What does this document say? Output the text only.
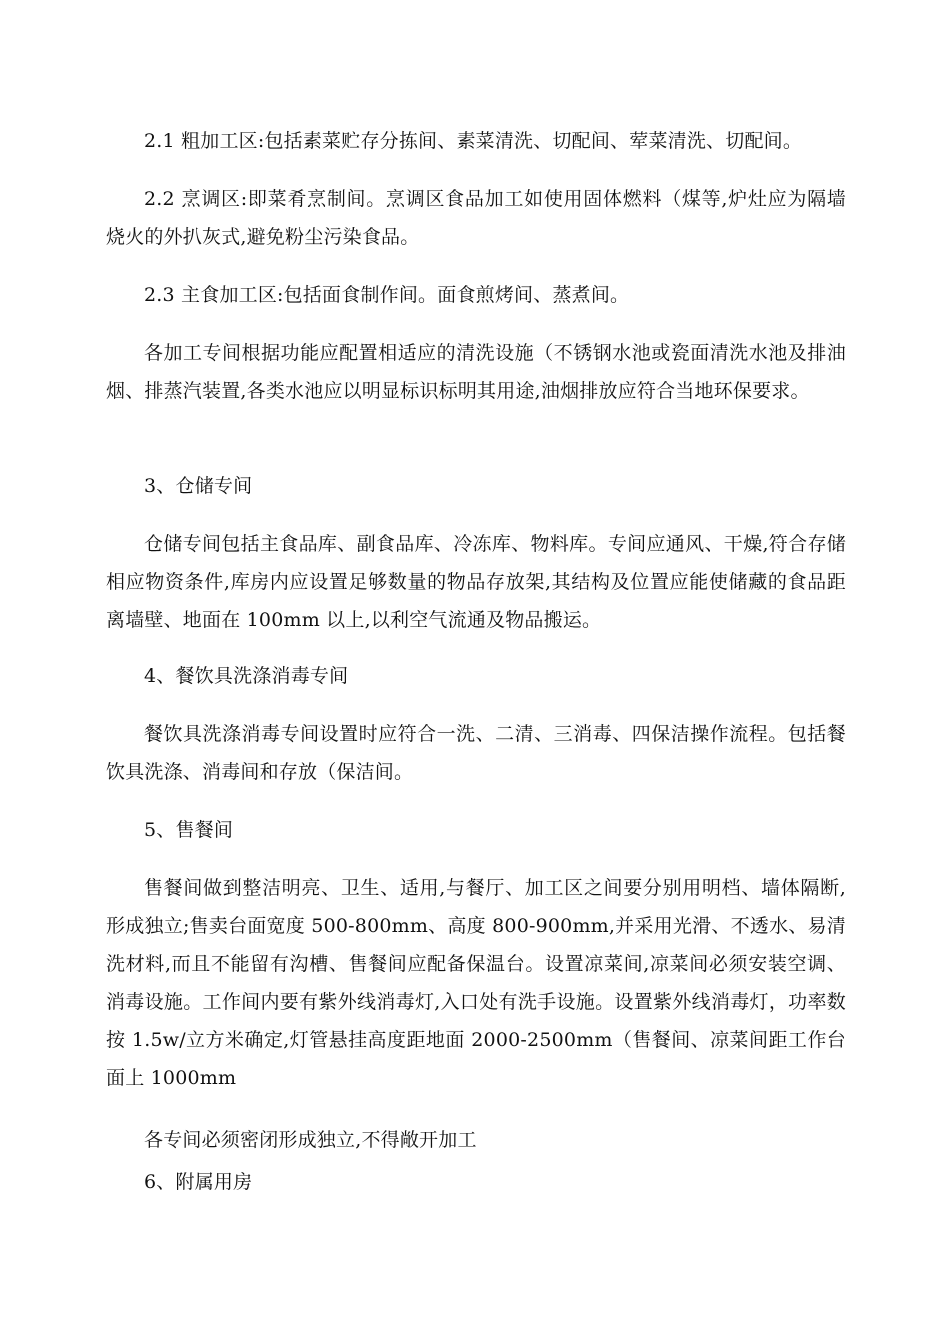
2.1 粗加工区:包括素菜贮存分拣间、素菜清洗、切配间、荤菜清洗、切配间。

2.2 烹调区:即菜肴烹制间。烹调区食品加工如使用固体燃料（煤等,炉灶应为隔墙烧火的外扒灰式,避免粉尘污染食品。

2.3 主食加工区:包括面食制作间。面食煎烤间、蒸煮间。

各加工专间根据功能应配置相适应的清洗设施（不锈钢水池或瓷面清洗水池及排油烟、排蒸汽装置,各类水池应以明显标识标明其用途,油烟排放应符合当地环保要求。

3、仓储专间

仓储专间包括主食品库、副食品库、冷冻库、物料库。专间应通风、干燥,符合存储相应物资条件,库房内应设置足够数量的物品存放架,其结构及位置应能使储藏的食品距离墙壁、地面在 100mm 以上,以利空气流通及物品搬运。

4、餐饮具洗涤消毒专间

餐饮具洗涤消毒专间设置时应符合一洗、二清、三消毒、四保洁操作流程。包括餐饮具洗涤、消毒间和存放（保洁间。

5、售餐间

售餐间做到整洁明亮、卫生、适用,与餐厅、加工区之间要分别用明档、墙体隔断,形成独立;售卖台面宽度 500-800mm、高度 800-900mm,并采用光滑、不透水、易清洗材料,而且不能留有沟槽、售餐间应配备保温台。设置凉菜间,凉菜间必须安装空调、消毒设施。工作间内要有紫外线消毒灯,入口处有洗手设施。设置紫外线消毒灯，功率数按 1.5w/立方米确定,灯管悬挂高度距地面 2000-2500mm（售餐间、凉菜间距工作台面上 1000mm

各专间必须密闭形成独立,不得敞开加工

6、附属用房
